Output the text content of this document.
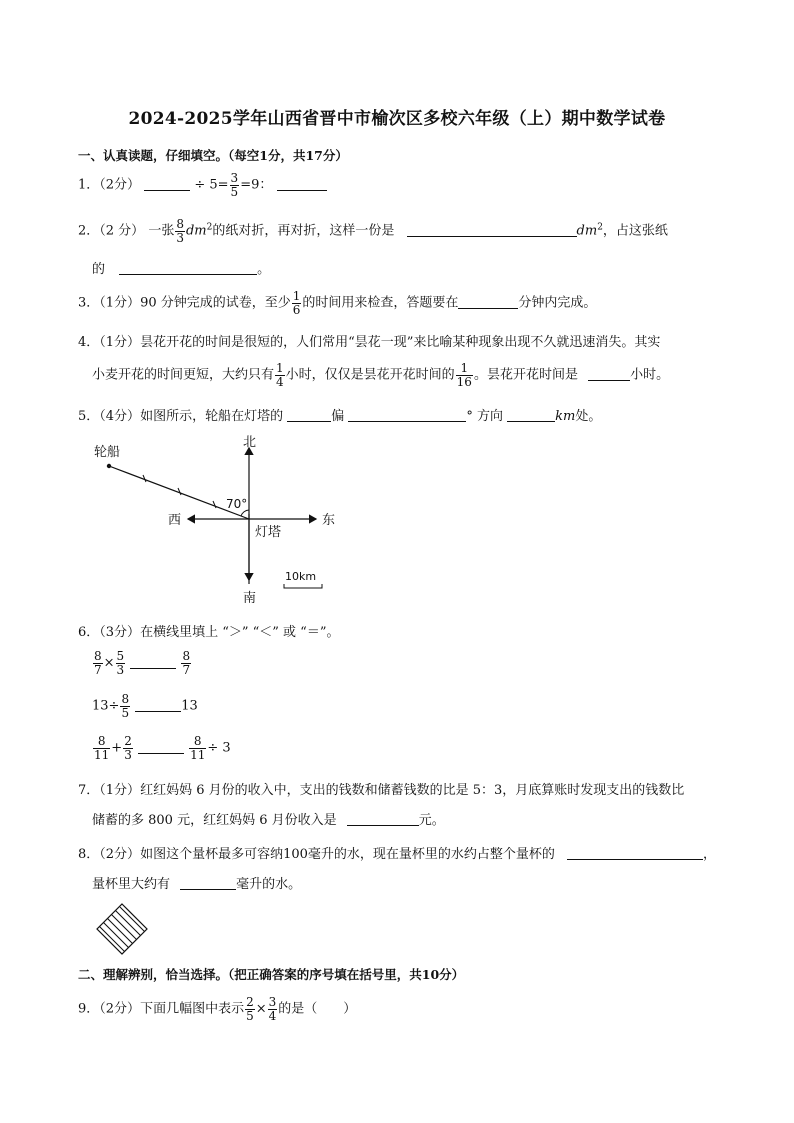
2024-2025学年山西省晋中市榆次区多校六年级（上）期中数学试卷
一、认真读题，仔细填空。（每空1分，共17分）
1．（2分）	÷ $5= \frac{3}{5} =9$：
2．（2 分） 一张 $\frac{8}{3} dm^2$的纸对折，再对折，这样一份是	$dm^2$，占这张纸
的	。
3．（1分）90 分钟完成的试卷，至少 $\frac{1}{6}$ 的时间用来检查，答题要在	分钟内完成。
4．（1分）昙花开花的时间是很短的，人们常用“昙花一现”来比喻某种现象出现不久就迅速消失。其实
小麦开花的时间更短，大约只有 $\frac{1}{4}$ 小时，仅仅是昙花开花时间的 $\frac{1}{16}$ 。昙花开花时间是	小时。
5．（4分）如图所示，轮船在灯塔的	偏	° 方向	km处。
轮船
北
南
东
西
灯塔
70°
10km
6．（3分）在横线里填上 “＞” “＜” 或 “＝”。
$\frac{8}{7} \times \frac{5}{3}$
	$\frac{8}{7}$
$13\div \frac{8}{5}$	13
$\frac{8}{11} + \frac{2}{3}$
	$\frac{8}{11} \div 3$
7．（1分）红红妈妈 6 月份的收入中，支出的钱数和储蓄钱数的比是 5：3，月底算账时发现支出的钱数比
储蓄的多 800 元，红红妈妈 6 月份收入是	元。
8．（2分）如图这个量杯最多可容纳100毫升的水，现在量杯里的水约占整个量杯的	，
量杯里大约有	毫升的水。
二、理解辨别，恰当选择。（把正确答案的序号填在括号里，共10分）
9．（2分）下面几幅图中表示 $\frac{2}{5} \times \frac{3}{4}$ 的是（　　）
